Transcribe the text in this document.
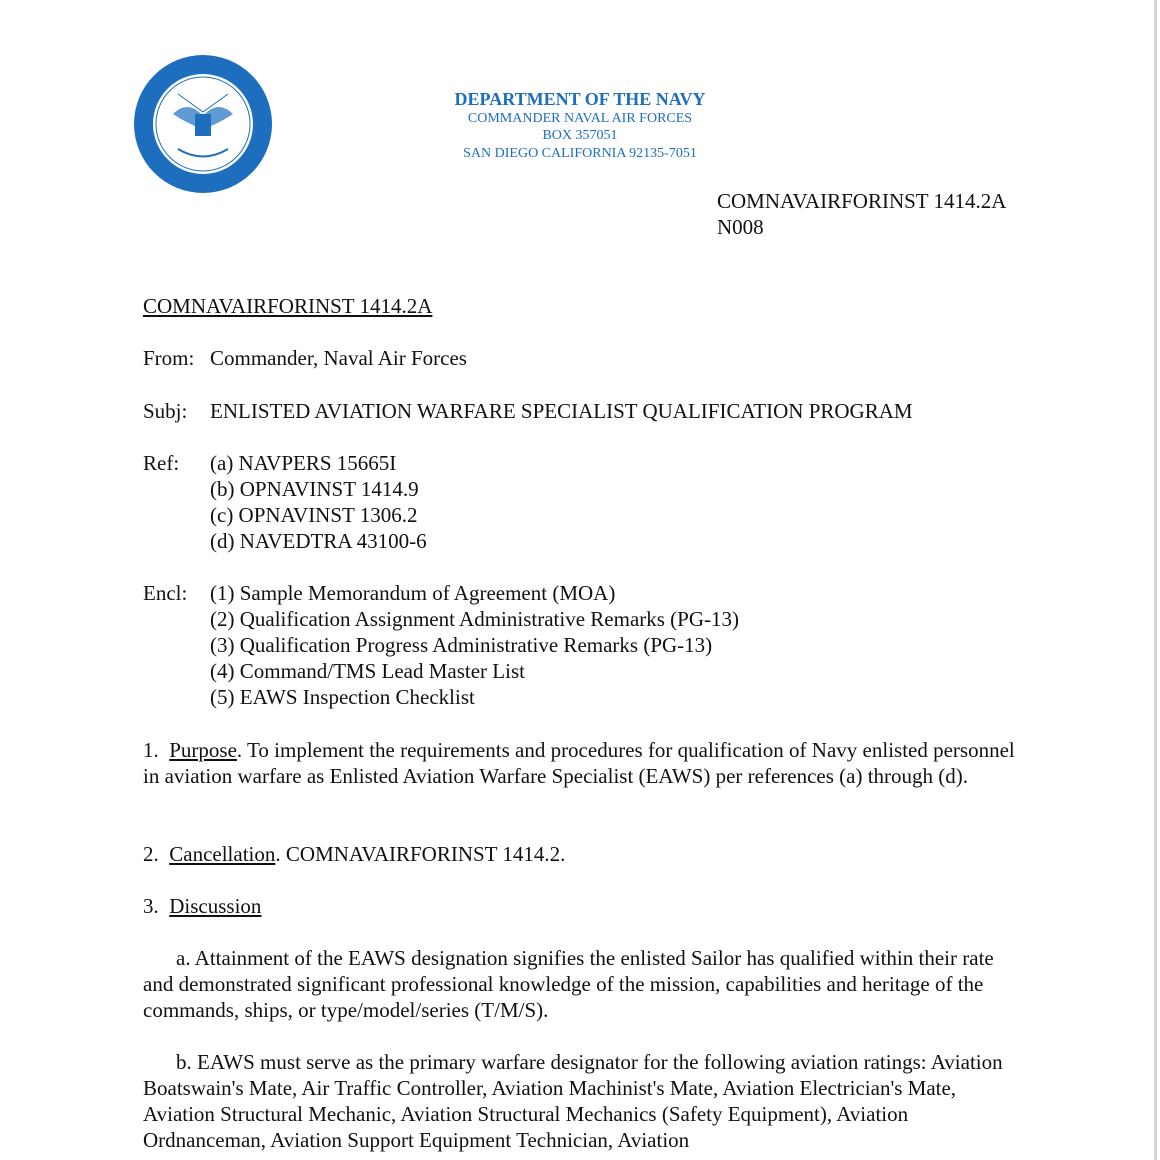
DEPARTMENT OF THE NAVY
COMMANDER NAVAL AIR FORCES
BOX 357051
SAN DIEGO CALIFORNIA 92135-7051
COMNAVAIRFORINST 1414.2A
N008
COMNAVAIRFORINST 1414.2A
From: Commander, Naval Air Forces
Subj: ENLISTED AVIATION WARFARE SPECIALIST QUALIFICATION PROGRAM
Ref: (a) NAVPERS 15665I
(b) OPNAVINST 1414.9
(c) OPNAVINST 1306.2
(d) NAVEDTRA 43100-6
Encl: (1) Sample Memorandum of Agreement (MOA)
(2) Qualification Assignment Administrative Remarks (PG-13)
(3) Qualification Progress Administrative Remarks (PG-13)
(4) Command/TMS Lead Master List
(5) EAWS Inspection Checklist
1. Purpose. To implement the requirements and procedures for qualification of Navy enlisted personnel in aviation warfare as Enlisted Aviation Warfare Specialist (EAWS) per references (a) through (d).
2. Cancellation. COMNAVAIRFORINST 1414.2.
3. Discussion
a. Attainment of the EAWS designation signifies the enlisted Sailor has qualified within their rate and demonstrated significant professional knowledge of the mission, capabilities and heritage of the commands, ships, or type/model/series (T/M/S).
b. EAWS must serve as the primary warfare designator for the following aviation ratings: Aviation Boatswain's Mate, Air Traffic Controller, Aviation Machinist's Mate, Aviation Electrician's Mate, Aviation Structural Mechanic, Aviation Structural Mechanics (Safety Equipment), Aviation Ordnanceman, Aviation Support Equipment Technician, Aviation
